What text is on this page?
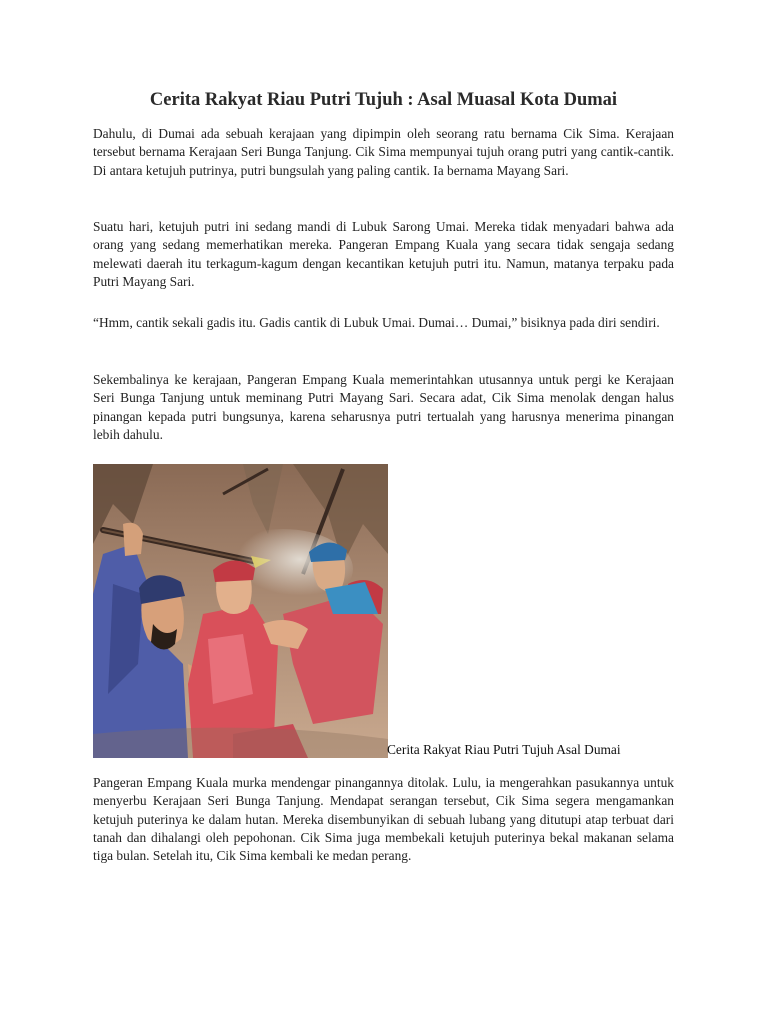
Cerita Rakyat Riau Putri Tujuh : Asal Muasal Kota Dumai

Dahulu, di Dumai ada sebuah kerajaan yang dipimpin oleh seorang ratu bernama Cik Sima. Kerajaan tersebut bernama Kerajaan Seri Bunga Tanjung. Cik Sima mempunyai tujuh orang putri yang cantik-cantik. Di antara ketujuh putrinya, putri bungsulah yang paling cantik. Ia bernama Mayang Sari.

Suatu hari, ketujuh putri ini sedang mandi di Lubuk Sarong Umai. Mereka tidak menyadari bahwa ada orang yang sedang memerhatikan mereka. Pangeran Empang Kuala yang secara tidak sengaja sedang melewati daerah itu terkagum-kagum dengan kecantikan ketujuh putri itu. Namun, matanya terpaku pada Putri Mayang Sari.

“Hmm, cantik sekali gadis itu. Gadis cantik di Lubuk Umai. Dumai… Dumai,” bisiknya pada diri sendiri.

Sekembalinya ke kerajaan, Pangeran Empang Kuala memerintahkan utusannya untuk pergi ke Kerajaan Seri Bunga Tanjung untuk meminang Putri Mayang Sari. Secara adat, Cik Sima menolak dengan halus pinangan kepada putri bungsunya, karena seharusnya putri tertualah yang harusnya menerima pinangan lebih dahulu.

Cerita Rakyat Riau Putri Tujuh Asal Dumai

Pangeran Empang Kuala murka mendengar pinangannya ditolak. Lulu, ia mengerahkan pasukannya untuk menyerbu Kerajaan Seri Bunga Tanjung. Mendapat serangan tersebut, Cik Sima segera mengamankan ketujuh puterinya ke dalam hutan. Mereka disembunyikan di sebuah lubang yang ditutupi atap terbuat dari tanah dan dihalangi oleh pepohonan. Cik Sima juga membekali ketujuh puterinya bekal makanan selama tiga bulan. Setelah itu, Cik Sima kembali ke medan perang.
